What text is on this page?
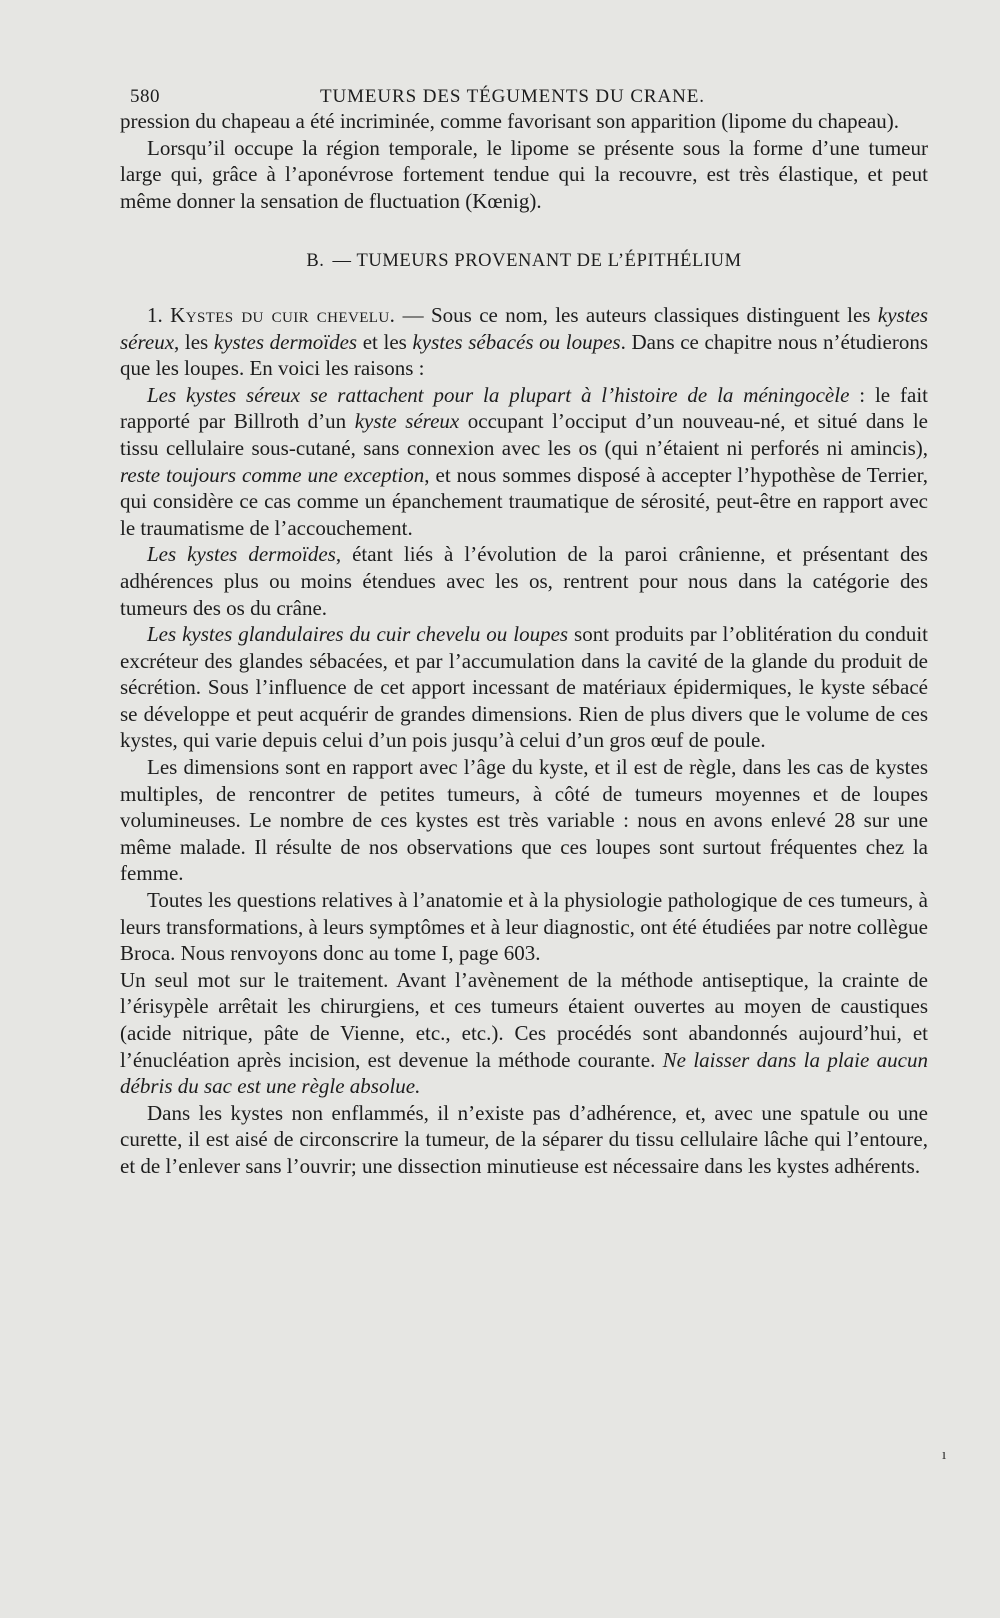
580	TUMEURS DES TÉGUMENTS DU CRANE.

pression du chapeau a été incriminée, comme favorisant son apparition (lipome du chapeau).

Lorsqu’il occupe la région temporale, le lipome se présente sous la forme d’une tumeur large qui, grâce à l’aponévrose fortement tendue qui la recouvre, est très élastique, et peut même donner la sensation de fluctuation (Kœnig).

B. — TUMEURS PROVENANT DE L’ÉPITHÉLIUM

1. Kystes du cuir chevelu. — Sous ce nom, les auteurs classiques distinguent les kystes séreux, les kystes dermoïdes et les kystes sébacés ou loupes. Dans ce chapitre nous n’étudierons que les loupes. En voici les raisons :

Les kystes séreux se rattachent pour la plupart à l’histoire de la méningocèle : le fait rapporté par Billroth d’un kyste séreux occupant l’occiput d’un nouveau-né, et situé dans le tissu cellulaire sous-cutané, sans connexion avec les os (qui n’étaient ni perforés ni amincis), reste toujours comme une exception, et nous sommes disposé à accepter l’hypothèse de Terrier, qui considère ce cas comme un épanchement traumatique de sérosité, peut-être en rapport avec le traumatisme de l’accouchement.

Les kystes dermoïdes, étant liés à l’évolution de la paroi crânienne, et présentant des adhérences plus ou moins étendues avec les os, rentrent pour nous dans la catégorie des tumeurs des os du crâne.

Les kystes glandulaires du cuir chevelu ou loupes sont produits par l’oblitération du conduit excréteur des glandes sébacées, et par l’accumulation dans la cavité de la glande du produit de sécrétion. Sous l’influence de cet apport incessant de matériaux épidermiques, le kyste sébacé se développe et peut acquérir de grandes dimensions. Rien de plus divers que le volume de ces kystes, qui varie depuis celui d’un pois jusqu’à celui d’un gros œuf de poule.

Les dimensions sont en rapport avec l’âge du kyste, et il est de règle, dans les cas de kystes multiples, de rencontrer de petites tumeurs, à côté de tumeurs moyennes et de loupes volumineuses. Le nombre de ces kystes est très variable : nous en avons enlevé 28 sur une même malade. Il résulte de nos observations que ces loupes sont surtout fréquentes chez la femme.

Toutes les questions relatives à l’anatomie et à la physiologie pathologique de ces tumeurs, à leurs transformations, à leurs symptômes et à leur diagnostic, ont été étudiées par notre collègue Broca. Nous renvoyons donc au tome I, page 603.

Un seul mot sur le traitement. Avant l’avènement de la méthode antiseptique, la crainte de l’érisypèle arrêtait les chirurgiens, et ces tumeurs étaient ouvertes au moyen de caustiques (acide nitrique, pâte de Vienne, etc., etc.). Ces procédés sont abandonnés aujourd’hui, et l’énucléation après incision, est devenue la méthode courante. Ne laisser dans la plaie aucun débris du sac est une règle absolue.

Dans les kystes non enflammés, il n’existe pas d’adhérence, et, avec une spatule ou une curette, il est aisé de circonscrire la tumeur, de la séparer du tissu cellulaire lâche qui l’entoure, et de l’enlever sans l’ouvrir; une dissection minutieuse est nécessaire dans les kystes adhérents.

ı
